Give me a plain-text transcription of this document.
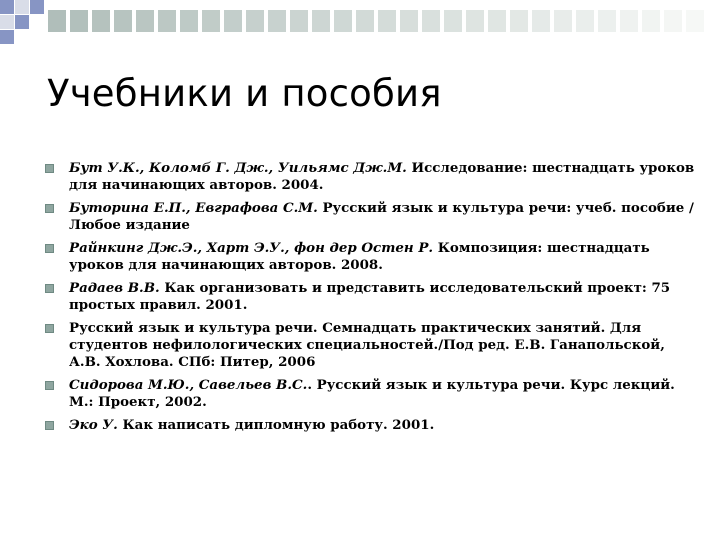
Учебники и пособия
Бут У.К., Коломб Г. Дж., Уильямс Дж.М. Исследование: шестнадцать уроков для начинающих авторов. 2004.
Буторина Е.П., Евграфова С.М. Русский язык и культура речи: учеб. пособие / Любое издание
Райнкинг Дж.Э., Харт Э.У., фон дер Остен Р. Композиция: шестнадцать уроков для начинающих авторов. 2008.
Радаев В.В. Как организовать и представить исследовательский проект: 75 простых правил. 2001.
Русский язык и культура речи. Семнадцать практических занятий. Для студентов нефилологических специальностей./Под ред. Е.В. Ганапольской, А.В. Хохлова. СПб: Питер, 2006
Сидорова М.Ю., Савельев В.С.. Русский язык и культура речи. Курс лекций. М.: Проект, 2002.
Эко У. Как написать дипломную работу. 2001.
